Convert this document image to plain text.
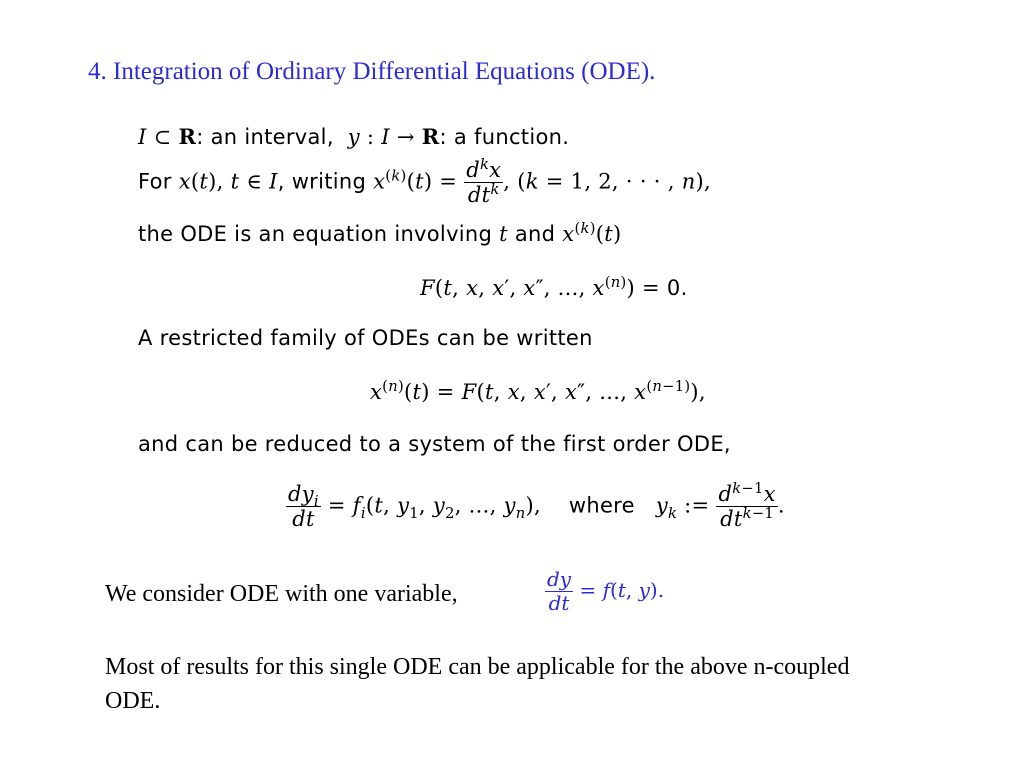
4. Integration of Ordinary Differential Equations (ODE).
I ⊂ R: an interval, y : I → R: a function.
For x(t), t ∈ I, writing $x^{(k)}(t) = \frac{d^kx}{dt^k}$ , (k = 1, 2, · · · , n),
the ODE is an equation involving t and $x^{(k)}(t)$
F(t, x, x′, x″, ..., $x^{(n)}) = 0$.
A restricted family of ODEs can be written
$x^{(n)}(t) = F(t$, x, x′, x″, ..., $x^{(n-1)}$),
and can be reduced to a system of the first order ODE,
$\frac{dy_i}{dt} = f_i(t$, $y_1$, $y_2$, ..., $y_n$), where $y_k$ := $\frac{d^{k-1}x}{dt^{k-1}}$ .
We consider ODE with one variable,	$\frac{dy}{dt} = f(t$, y).
Most of results for this single ODE can be applicable for the above n-coupled ODE.
